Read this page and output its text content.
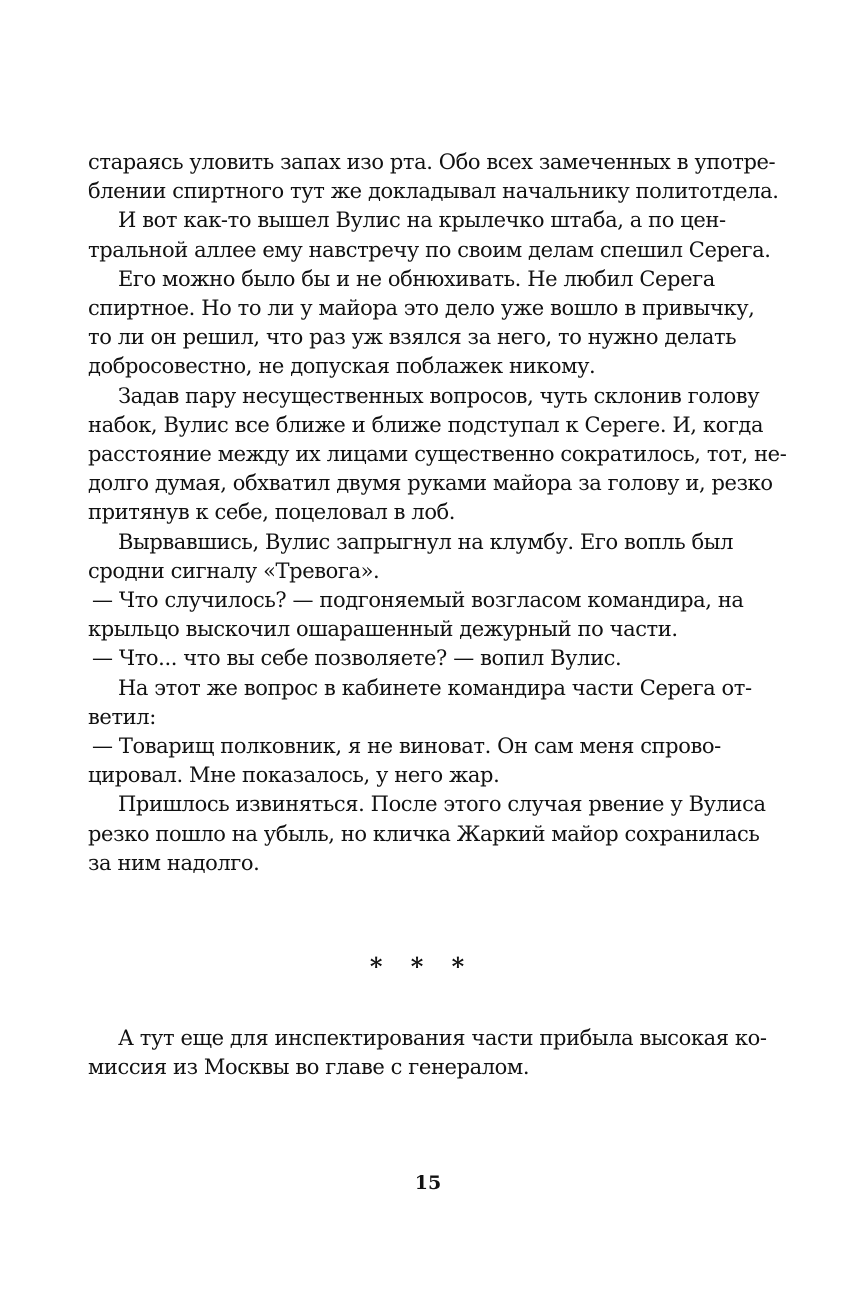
стараясь уловить запах изо рта. Обо всех замеченных в употре-
блении спиртного тут же докладывал начальнику политотдела.
И вот как-то вышел Вулис на крылечко штаба, а по цен-
тральной аллее ему навстречу по своим делам спешил Серега.
Его можно было бы и не обнюхивать. Не любил Серега
спиртное. Но то ли у майора это дело уже вошло в привычку,
то ли он решил, что раз уж взялся за него, то нужно делать
добросовестно, не допуская поблажек никому.
Задав пару несущественных вопросов, чуть склонив голову
набок, Вулис все ближе и ближе подступал к Сереге. И, когда
расстояние между их лицами существенно сократилось, тот, не-
долго думая, обхватил двумя руками майора за голову и, резко
притянув к себе, поцеловал в лоб.
Вырвавшись, Вулис запрыгнул на клумбу. Его вопль был
сродни сигналу «Тревога».
— Что случилось? — подгоняемый возгласом командира, на
крыльцо выскочил ошарашенный дежурный по части.
— Что... что вы себе позволяете? — вопил Вулис.
На этот же вопрос в кабинете командира части Серега от-
ветил:
— Товарищ полковник, я не виноват. Он сам меня спрово-
цировал. Мне показалось, у него жар.
Пришлось извиняться. После этого случая рвение у Вулиса
резко пошло на убыль, но кличка Жаркий майор сохранилась
за ним надолго.
* * *
А тут еще для инспектирования части прибыла высокая ко-
миссия из Москвы во главе с генералом.
15
